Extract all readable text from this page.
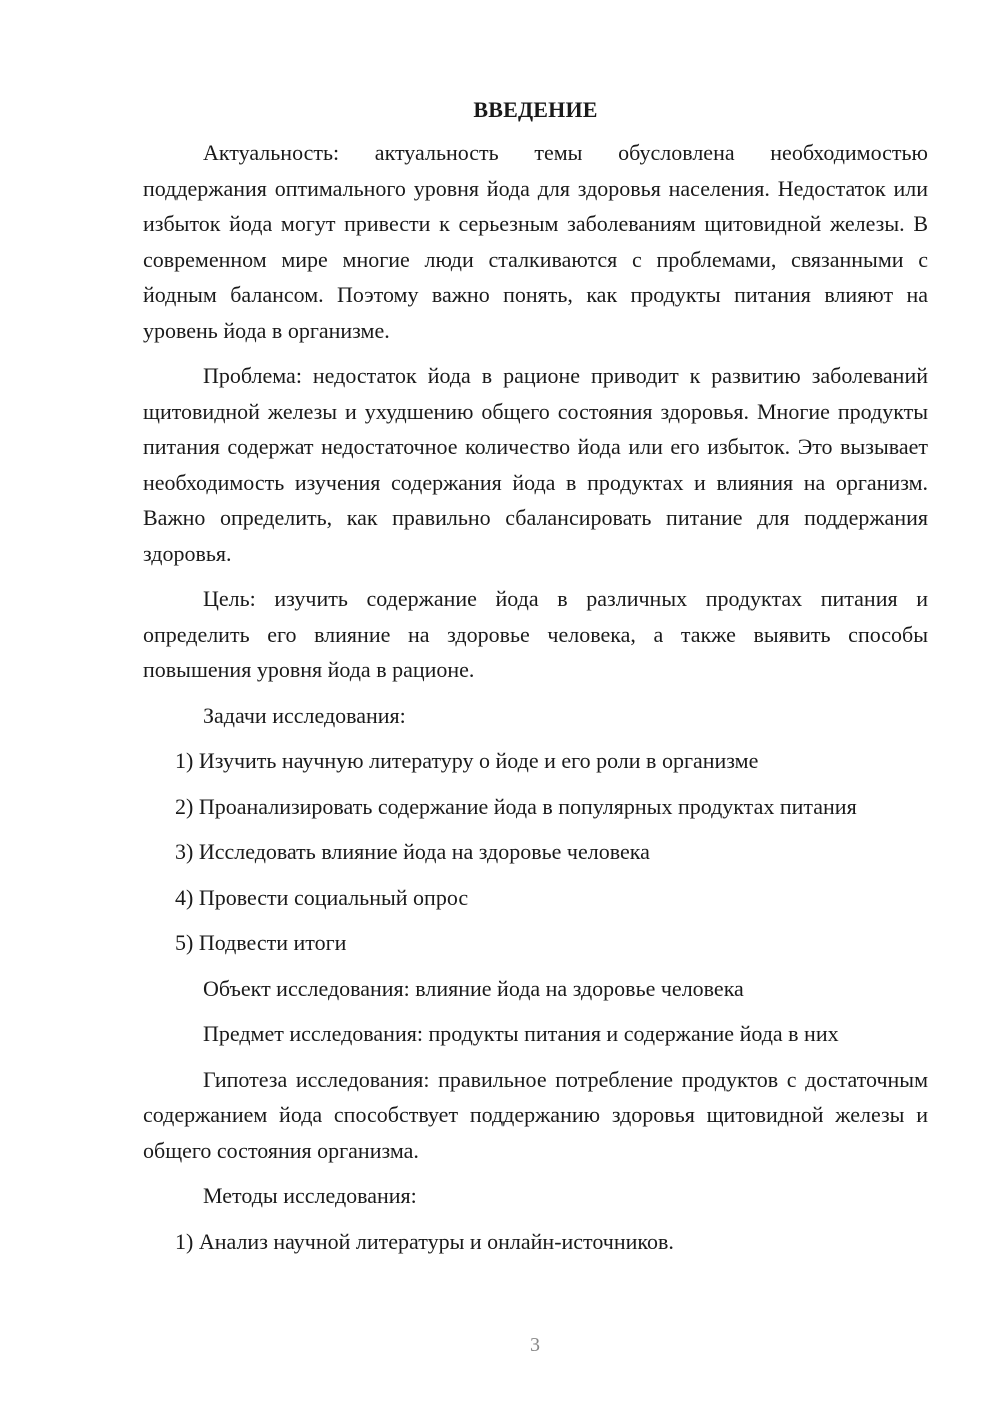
ВВЕДЕНИЕ

Актуальность: актуальность темы обусловлена необходимостью поддержания оптимального уровня йода для здоровья населения. Недостаток или избыток йода могут привести к серьезным заболеваниям щитовидной железы. В современном мире многие люди сталкиваются с проблемами, связанными с йодным балансом. Поэтому важно понять, как продукты питания влияют на уровень йода в организме.

Проблема: недостаток йода в рационе приводит к развитию заболеваний щитовидной железы и ухудшению общего состояния здоровья. Многие продукты питания содержат недостаточное количество йода или его избыток. Это вызывает необходимость изучения содержания йода в продуктах и влияния на организм. Важно определить, как правильно сбалансировать питание для поддержания здоровья.

Цель: изучить содержание йода в различных продуктах питания и определить его влияние на здоровье человека, а также выявить способы повышения уровня йода в рационе.

Задачи исследования:

1) Изучить научную литературу о йоде и его роли в организме

2) Проанализировать содержание йода в популярных продуктах питания

3) Исследовать влияние йода на здоровье человека

4) Провести социальный опрос

5) Подвести итоги

Объект исследования: влияние йода на здоровье человека

Предмет исследования: продукты питания и содержание йода в них

Гипотеза исследования: правильное потребление продуктов с достаточным содержанием йода способствует поддержанию здоровья щитовидной железы и общего состояния организма.

Методы исследования:

1) Анализ научной литературы и онлайн-источников.

3
